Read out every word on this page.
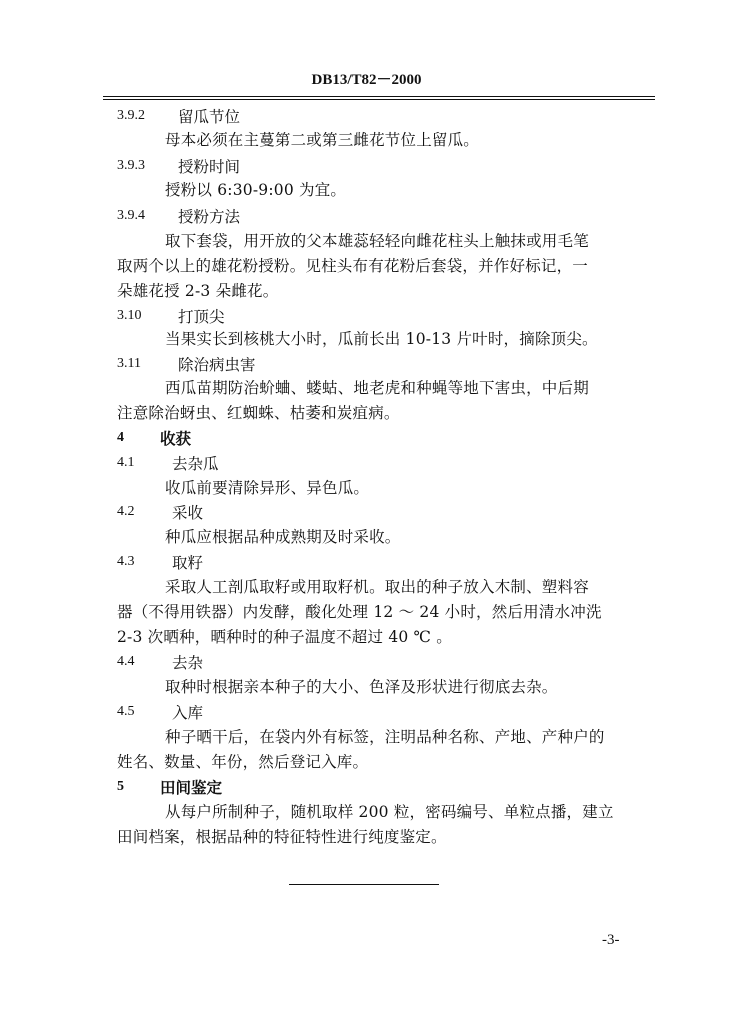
DB13/T82－2000
3.9.2 留瓜节位
母本必须在主蔓第二或第三雌花节位上留瓜。
3.9.3 授粉时间
授粉以 6:30-9:00 为宜。
3.9.4 授粉方法
取下套袋，用开放的父本雄蕊轻轻向雌花柱头上触抹或用毛笔
取两个以上的雄花粉授粉。见柱头布有花粉后套袋，并作好标记，一
朵雄花授 2-3 朵雌花。
3.10 打顶尖
当果实长到核桃大小时，瓜前长出 10-13 片叶时，摘除顶尖。
3.11 除治病虫害
西瓜苗期防治蚧蛐、蝼蛄、地老虎和种蝇等地下害虫，中后期
注意除治蚜虫、红蜘蛛、枯萎和炭疽病。
4 收获
4.1 去杂瓜
收瓜前要清除异形、异色瓜。
4.2 采收
种瓜应根据品种成熟期及时采收。
4.3 取籽
采取人工剖瓜取籽或用取籽机。取出的种子放入木制、塑料容
器（不得用铁器）内发酵，酸化处理 12 ～ 24 小时，然后用清水冲洗
2-3 次晒种，晒种时的种子温度不超过 40 ℃ 。
4.4 去杂
取种时根据亲本种子的大小、色泽及形状进行彻底去杂。
4.5 入库
种子晒干后，在袋内外有标签，注明品种名称、产地、产种户的
姓名、数量、年份，然后登记入库。
5 田间鉴定
从每户所制种子，随机取样 200 粒，密码编号、单粒点播，建立
田间档案，根据品种的特征特性进行纯度鉴定。
-3-
